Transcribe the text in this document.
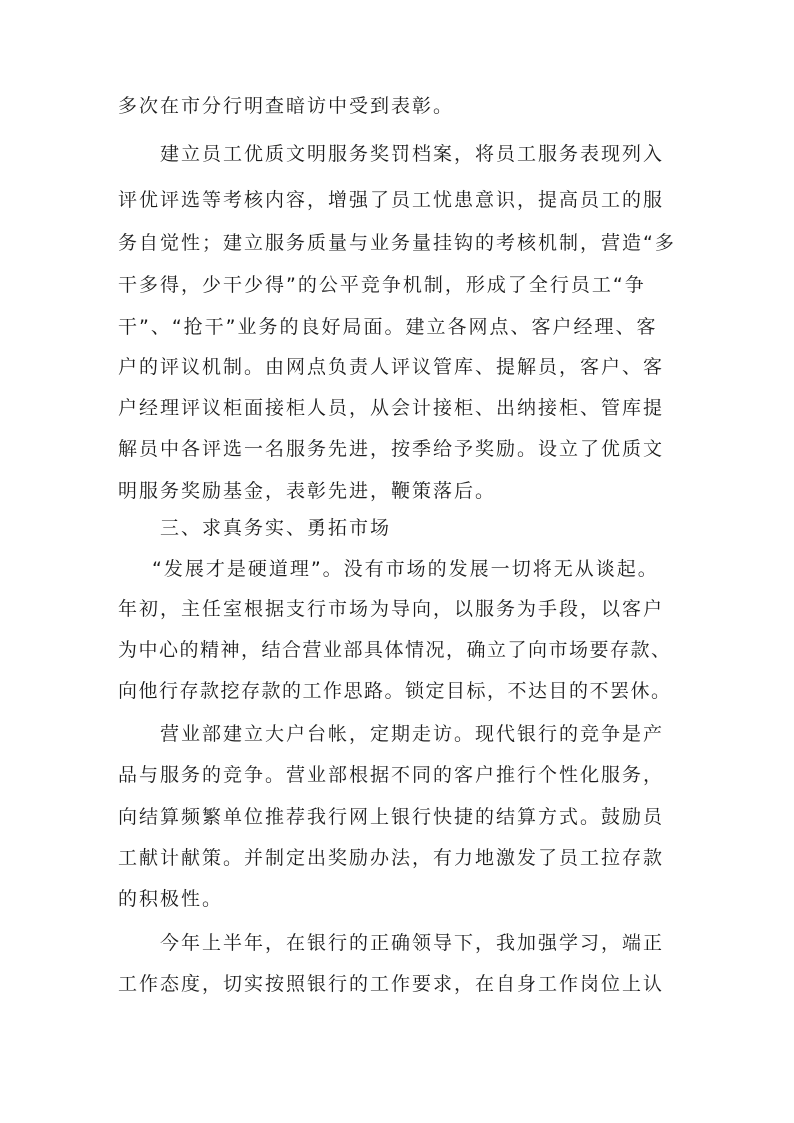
多次在市分行明查暗访中受到表彰。
建立员工优质文明服务奖罚档案，将员工服务表现列入
评优评选等考核内容，增强了员工忧患意识，提高员工的服
务自觉性；建立服务质量与业务量挂钩的考核机制，营造“多
干多得，少干少得”的公平竞争机制，形成了全行员工“争
干”、“抢干”业务的良好局面。建立各网点、客户经理、客
户的评议机制。由网点负责人评议管库、提解员，客户、客
户经理评议柜面接柜人员，从会计接柜、出纳接柜、管库提
解员中各评选一名服务先进，按季给予奖励。设立了优质文
明服务奖励基金，表彰先进，鞭策落后。
三、求真务实、勇拓市场
“发展才是硬道理”。没有市场的发展一切将无从谈起。
年初，主任室根据支行市场为导向，以服务为手段，以客户
为中心的精神，结合营业部具体情况，确立了向市场要存款、
向他行存款挖存款的工作思路。锁定目标，不达目的不罢休。
营业部建立大户台帐，定期走访。现代银行的竞争是产
品与服务的竞争。营业部根据不同的客户推行个性化服务，
向结算频繁单位推荐我行网上银行快捷的结算方式。鼓励员
工献计献策。并制定出奖励办法，有力地激发了员工拉存款
的积极性。
今年上半年，在银行的正确领导下，我加强学习，端正
工作态度，切实按照银行的工作要求，在自身工作岗位上认
